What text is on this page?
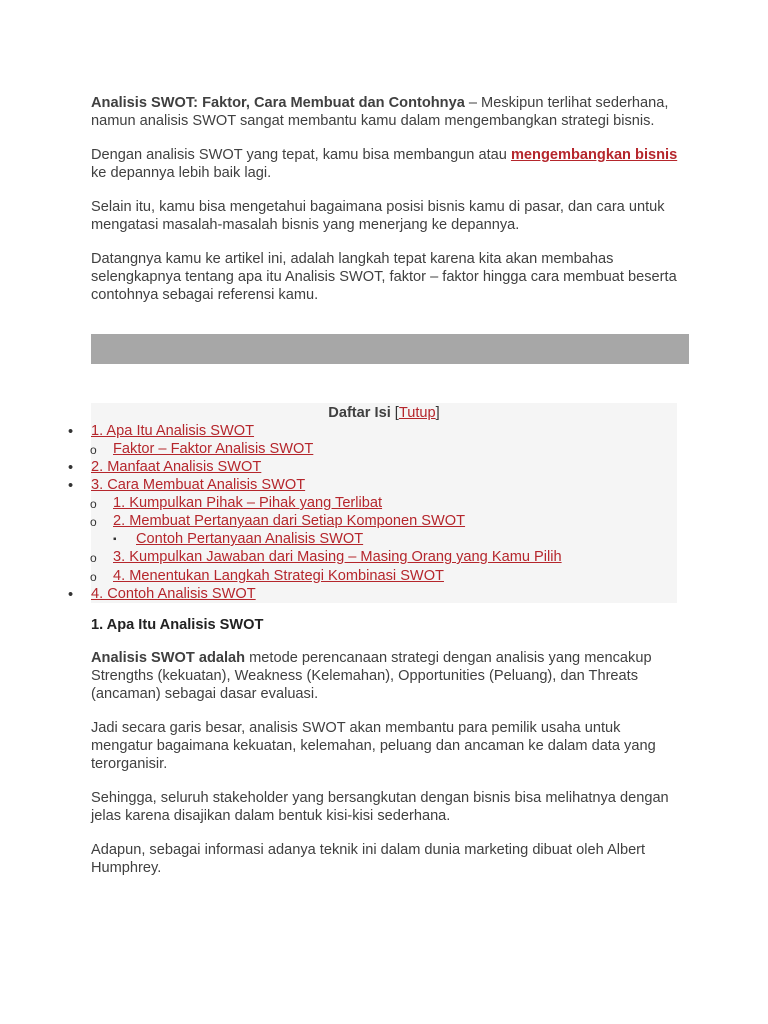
Analisis SWOT: Faktor, Cara Membuat dan Contohnya – Meskipun terlihat sederhana, namun analisis SWOT sangat membantu kamu dalam mengembangkan strategi bisnis.

Dengan analisis SWOT yang tepat, kamu bisa membangun atau mengembangkan bisnis ke depannya lebih baik lagi.

Selain itu, kamu bisa mengetahui bagaimana posisi bisnis kamu di pasar, dan cara untuk mengatasi masalah-masalah bisnis yang menerjang ke depannya.

Datangnya kamu ke artikel ini, adalah langkah tepat karena kita akan membahas selengkapnya tentang apa itu Analisis SWOT, faktor – faktor hingga cara membuat beserta contohnya sebagai referensi kamu.

Daftar Isi [Tutup]
• 1. Apa Itu Analisis SWOT
o Faktor – Faktor Analisis SWOT
• 2. Manfaat Analisis SWOT
• 3. Cara Membuat Analisis SWOT
o 1. Kumpulkan Pihak – Pihak yang Terlibat
o 2. Membuat Pertanyaan dari Setiap Komponen SWOT
▪ Contoh Pertanyaan Analisis SWOT
o 3. Kumpulkan Jawaban dari Masing – Masing Orang yang Kamu Pilih
o 4. Menentukan Langkah Strategi Kombinasi SWOT
• 4. Contoh Analisis SWOT
1. Apa Itu Analisis SWOT

Analisis SWOT adalah metode perencanaan strategi dengan analisis yang mencakup Strengths (kekuatan), Weakness (Kelemahan), Opportunities (Peluang), dan Threats (ancaman) sebagai dasar evaluasi.

Jadi secara garis besar, analisis SWOT akan membantu para pemilik usaha untuk mengatur bagaimana kekuatan, kelemahan, peluang dan ancaman ke dalam data yang terorganisir.

Sehingga, seluruh stakeholder yang bersangkutan dengan bisnis bisa melihatnya dengan jelas karena disajikan dalam bentuk kisi-kisi sederhana.

Adapun, sebagai informasi adanya teknik ini dalam dunia marketing dibuat oleh Albert Humphrey.
